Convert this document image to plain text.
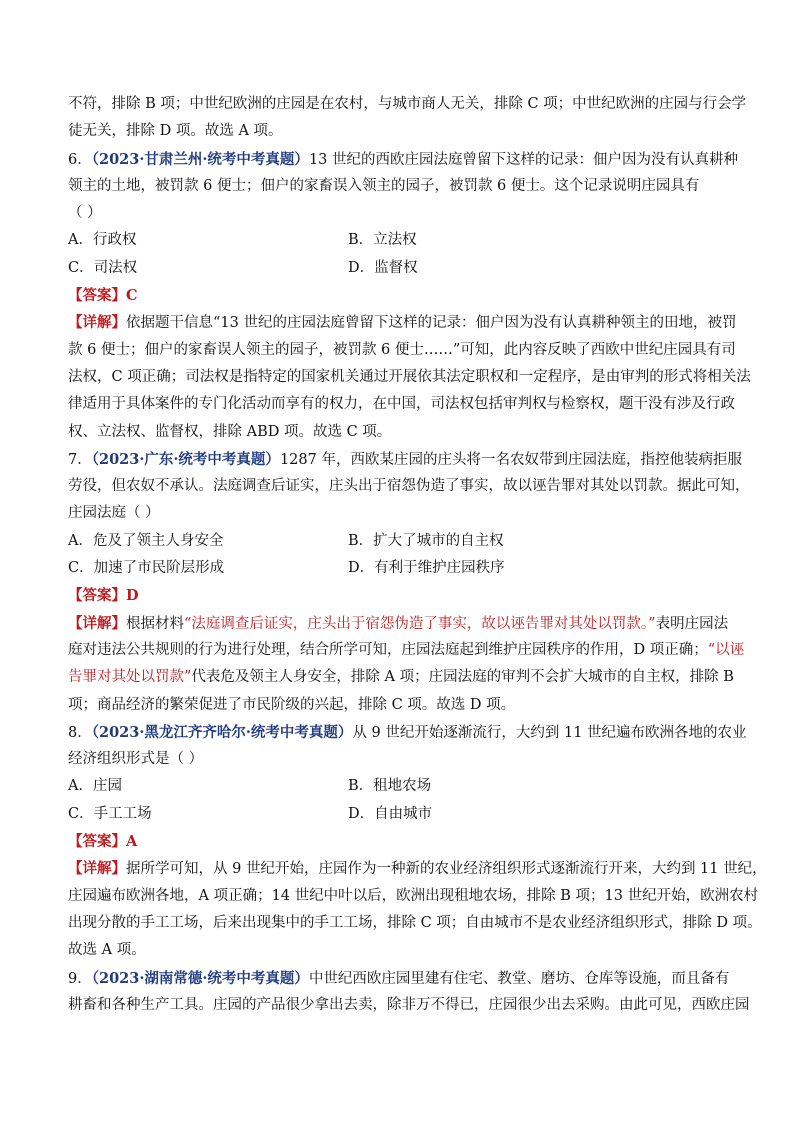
不符，排除 B 项；中世纪欧洲的庄园是在农村，与城市商人无关，排除 C 项；中世纪欧洲的庄园与行会学
徒无关，排除 D 项。故选 A 项。
6．（2023·甘肃兰州·统考中考真题）13 世纪的西欧庄园法庭曾留下这样的记录：佃户因为没有认真耕种
领主的土地，被罚款 6 便士；佃户的家畜误入领主的园子，被罚款 6 便士。这个记录说明庄园具有
（ ）
A．行政权	B．立法权
C．司法权	D．监督权
【答案】C
【详解】依据题干信息“13 世纪的庄园法庭曾留下这样的记录：佃户因为没有认真耕种领主的田地，被罚
款 6 便士；佃户的家畜误人领主的园子，被罚款 6 便士……”可知，此内容反映了西欧中世纪庄园具有司
法权，C 项正确；司法权是指特定的国家机关通过开展依其法定职权和一定程序，是由审判的形式将相关法
律适用于具体案件的专门化活动而享有的权力，在中国，司法权包括审判权与检察权，题干没有涉及行政
权、立法权、监督权，排除 ABD 项。故选 C 项。
7．（2023·广东·统考中考真题）1287 年，西欧某庄园的庄头将一名农奴带到庄园法庭，指控他装病拒服
劳役，但农奴不承认。法庭调查后证实，庄头出于宿怨伪造了事实，故以诬告罪对其处以罚款。据此可知，
庄园法庭（ ）
A．危及了领主人身安全	B．扩大了城市的自主权
C．加速了市民阶层形成	D．有利于维护庄园秩序
【答案】D
【详解】根据材料“法庭调查后证实，庄头出于宿怨伪造了事实，故以诬告罪对其处以罚款。”表明庄园法
庭对违法公共规则的行为进行处理，结合所学可知，庄园法庭起到维护庄园秩序的作用，D 项正确；“以诬
告罪对其处以罚款”代表危及领主人身安全，排除 A 项；庄园法庭的审判不会扩大城市的自主权，排除 B
项；商品经济的繁荣促进了市民阶级的兴起，排除 C 项。故选 D 项。
8．（2023·黑龙江齐齐哈尔·统考中考真题）从 9 世纪开始逐渐流行，大约到 11 世纪遍布欧洲各地的农业
经济组织形式是（ ）
A．庄园	B．租地农场
C．手工工场	D．自由城市
【答案】A
【详解】据所学可知，从 9 世纪开始，庄园作为一种新的农业经济组织形式逐渐流行开来，大约到 11 世纪，
庄园遍布欧洲各地，A 项正确；14 世纪中叶以后，欧洲出现租地农场，排除 B 项；13 世纪开始，欧洲农村
出现分散的手工工场，后来出现集中的手工工场，排除 C 项；自由城市不是农业经济组织形式，排除 D 项。
故选 A 项。
9．（2023·湖南常德·统考中考真题）中世纪西欧庄园里建有住宅、教堂、磨坊、仓库等设施，而且备有
耕畜和各种生产工具。庄园的产品很少拿出去卖，除非万不得已，庄园很少出去采购。由此可见，西欧庄园
